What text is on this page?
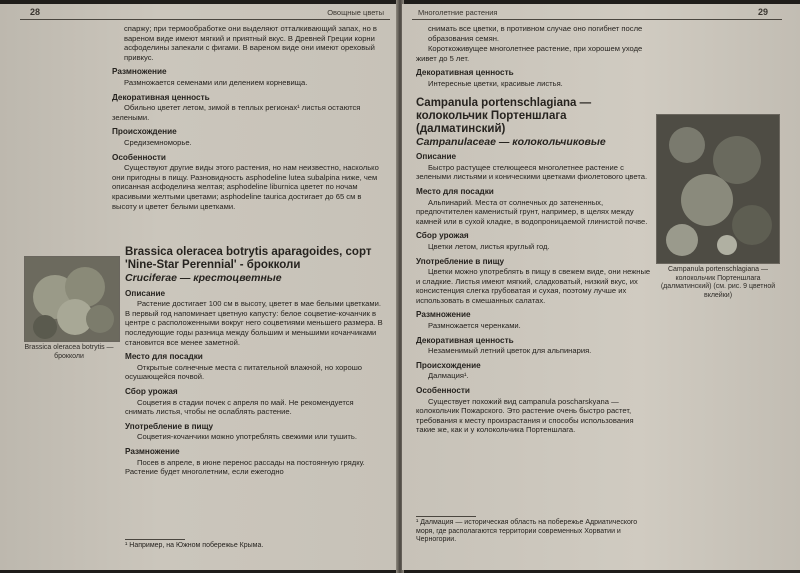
28	Овощные цветы

спаржу; при термообработке они выделяют отталкивающий запах, но в вареном виде имеют мягкий и приятный вкус. В Древней Греции корни асфоделины запекали с фигами. В вареном виде они имеют ореховый привкус.

Размножение

Размножается семенами или делением корневища.

Декоративная ценность

Обильно цветет летом, зимой в теплых регионах¹ листья остаются зелеными.

Происхождение

Средиземноморье.

Особенности

Существуют другие виды этого растения, но нам неизвестно, насколько они пригодны в пищу. Разновидность asphodeline lutea subalpina ниже, чем описанная асфоделина желтая; asphodeline liburnica цветет по ночам красивыми желтыми цветами; asphodeline taurica достигает до 65 см в высоту и цветет белыми цветками.

Brassica oleracea botrytis — брокколи
Brassica oleracea botrytis aparagoides, сорт 'Nine-Star Perennial' - брокколи
Cruciferae — крестоцветные
Описание

Растение достигает 100 см в высоту, цветет в мае белыми цветками. В первый год напоминает цветную капусту: белое соцветие-кочанчик в центре с расположенными вокруг него соцветиями меньшего размера. В последующие годы разница между большим и меньшими кочанчиками становится все менее заметной.

Место для посадки

Открытые солнечные места с питательной влажной, но хорошо осушающейся почвой.

Сбор урожая

Соцветия в стадии почек с апреля по май. Не рекомендуется снимать листья, чтобы не ослаблять растение.

Употребление в пищу

Соцветия-кочанчики можно употреблять свежими или тушить.

Размножение

Посев в апреле, в июне перенос рассады на постоянную грядку. Растение будет многолетним, если ежегодно

¹ Например, на Южном побережье Крыма.
Многолетние растения	29

снимать все цветки, в противном случае оно погибнет после образования семян.

Короткоживущее многолетнее растение, при хорошем уходе живет до 5 лет.

Декоративная ценность

Интересные цветки, красивые листья.

Campanula portenschlagiana — колокольчик Портеншлага (далматинский)
Campanulaceae — колокольчиковые
Описание

Быстро растущее стелющееся многолетнее растение с зелеными листьями и коническими цветками фиолетового цвета.

Место для посадки

Альпинарий. Места от солнечных до затененных, предпочтителен каменистый грунт, например, в щелях между камней или в сухой кладке, в водопроницаемой глинистой почве.

Сбор урожая

Цветки летом, листья круглый год.

Употребление в пищу

Цветки можно употреблять в пищу в свежем виде, они нежные и сладкие. Листья имеют мягкий, сладковатый, низкий вкус, их консистенция слегка грубоватая и сухая, поэтому лучше их использовать в смешанных салатах.

Размножение

Размножается черенками.

Декоративная ценность

Незаменимый летний цветок для альпинария.

Происхождение

Далмация¹.

Особенности

Существует похожий вид campanula poscharskyana — колокольчик Пожарского. Это растение очень быстро растет, требования к месту произрастания и способы использования такие же, как и у колокольчика Портеншлага.

Campanula portenschlagiana — колокольчик Портеншлага (далматинский) (см. рис. 9 цветной вклейки)
¹ Далмация — историческая область на побережье Адриатического моря, где располагаются территории современных Хорватии и Черногории.
